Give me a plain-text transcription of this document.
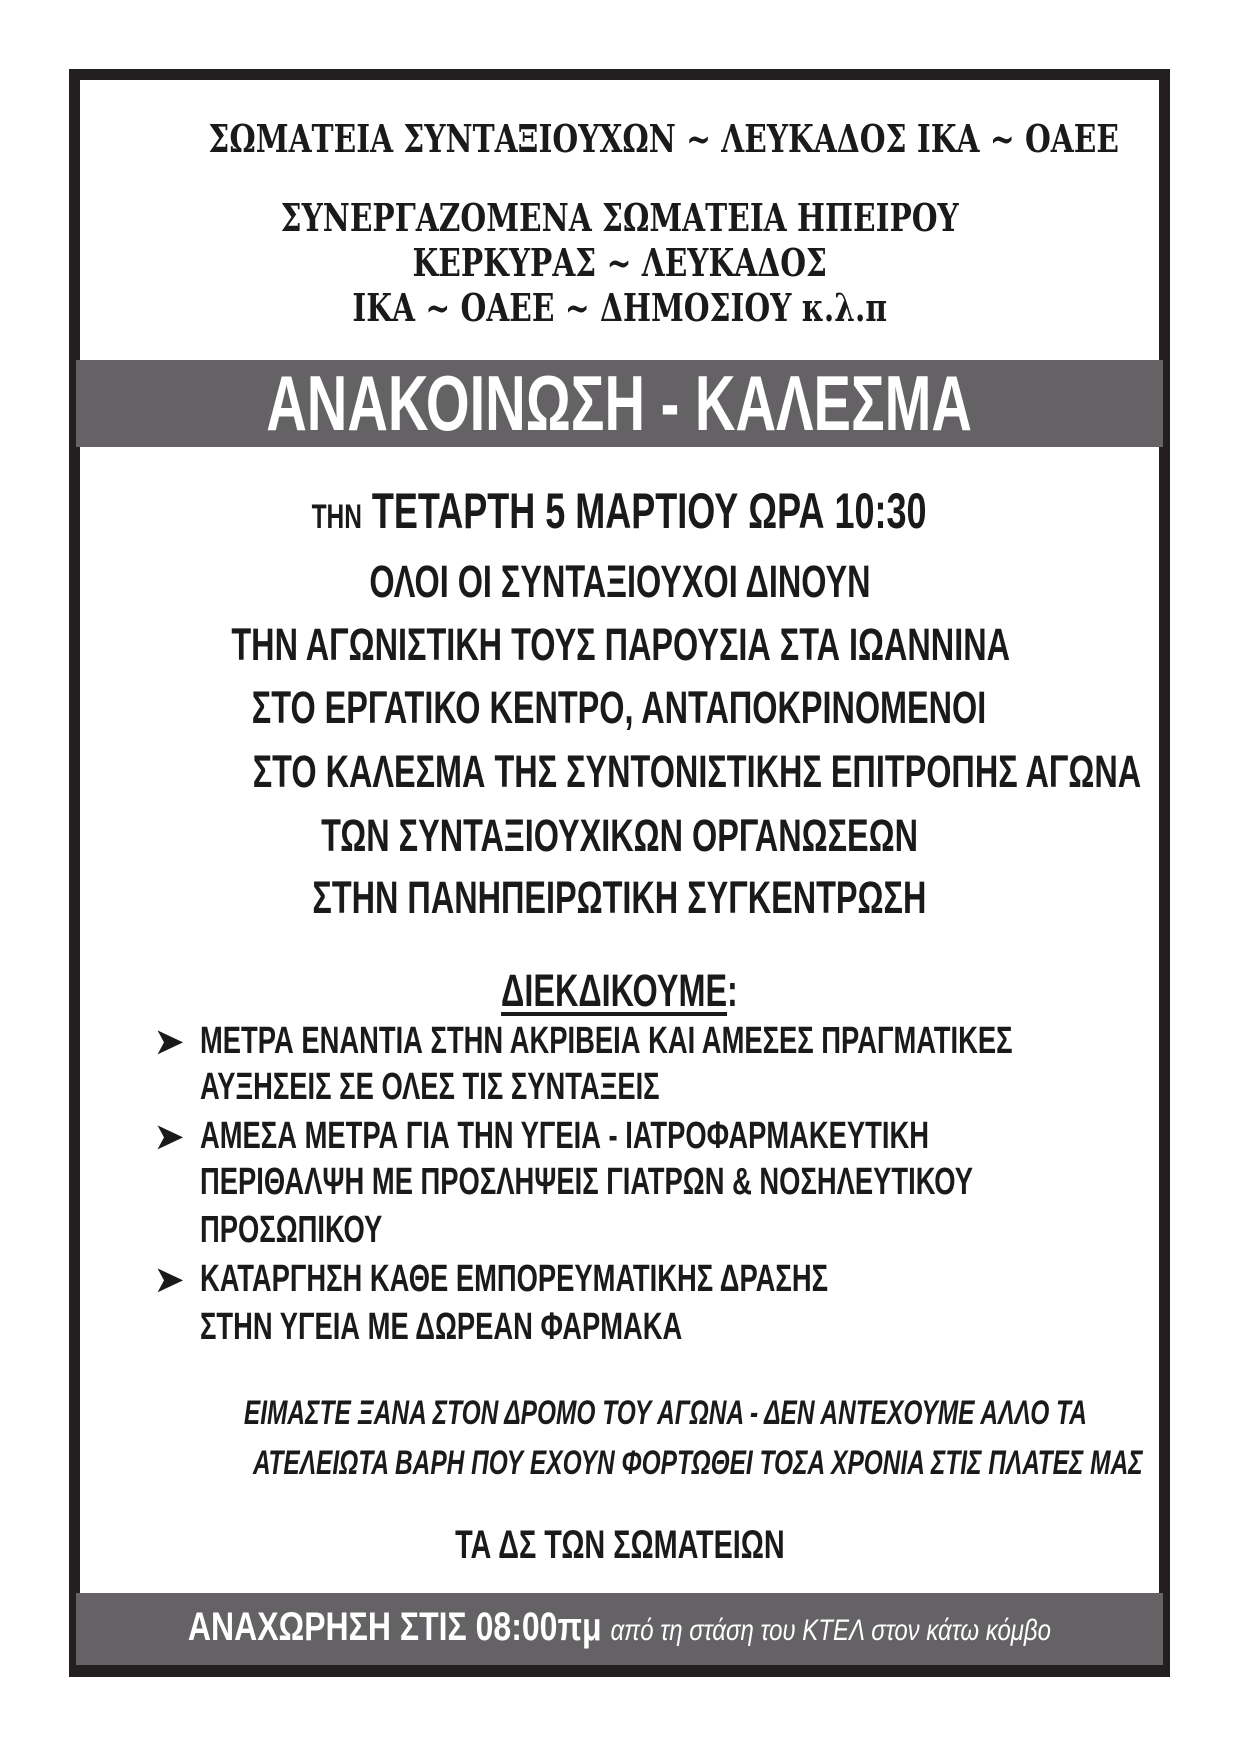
ΣΩΜΑΤΕΙΑ ΣΥΝΤΑΞΙΟΥΧΩΝ ~ ΛΕΥΚΑΔΟΣ ΙΚΑ ~ ΟΑΕΕ
ΣΥΝΕΡΓΑΖΟΜΕΝΑ ΣΩΜΑΤΕΙΑ ΗΠΕΙΡΟΥ
ΚΕΡΚΥΡΑΣ ~ ΛΕΥΚΑΔΟΣ
ΙΚΑ ~ ΟΑΕΕ ~ ΔΗΜΟΣΙΟΥ κ.λ.π
ΑΝΑΚΟΙΝΩΣΗ - ΚΑΛΕΣΜΑ
ΤΗΝ ΤΕΤΑΡΤΗ 5 ΜΑΡΤΙΟΥ ΩΡΑ 10:30
ΟΛΟΙ ΟΙ ΣΥΝΤΑΞΙΟΥΧΟΙ ΔΙΝΟΥΝ
ΤΗΝ ΑΓΩΝΙΣΤΙΚΗ ΤΟΥΣ ΠΑΡΟΥΣΙΑ ΣΤΑ ΙΩΑΝΝΙΝΑ
ΣΤΟ ΕΡΓΑΤΙΚΟ ΚΕΝΤΡΟ, ΑΝΤΑΠΟΚΡΙΝΟΜΕΝΟΙ
ΣΤΟ ΚΑΛΕΣΜΑ ΤΗΣ ΣΥΝΤΟΝΙΣΤΙΚΗΣ ΕΠΙΤΡΟΠΗΣ ΑΓΩΝΑ
ΤΩΝ ΣΥΝΤΑΞΙΟΥΧΙΚΩΝ ΟΡΓΑΝΩΣΕΩΝ
ΣΤΗΝ ΠΑΝΗΠΕΙΡΩΤΙΚΗ ΣΥΓΚΕΝΤΡΩΣΗ
ΔΙΕΚΔΙΚΟΥΜΕ:
➤ ΜΕΤΡΑ ΕΝΑΝΤΙΑ ΣΤΗΝ ΑΚΡΙΒΕΙΑ ΚΑΙ ΑΜΕΣΕΣ ΠΡΑΓΜΑΤΙΚΕΣ
ΑΥΞΗΣΕΙΣ ΣΕ ΟΛΕΣ ΤΙΣ ΣΥΝΤΑΞΕΙΣ
➤ ΑΜΕΣΑ ΜΕΤΡΑ ΓΙΑ ΤΗΝ ΥΓΕΙΑ - ΙΑΤΡΟΦΑΡΜΑΚΕΥΤΙΚΗ
ΠΕΡΙΘΑΛΨΗ ΜΕ ΠΡΟΣΛΗΨΕΙΣ ΓΙΑΤΡΩΝ & ΝΟΣΗΛΕΥΤΙΚΟΥ
ΠΡΟΣΩΠΙΚΟΥ
➤ ΚΑΤΑΡΓΗΣΗ ΚΑΘΕ ΕΜΠΟΡΕΥΜΑΤΙΚΗΣ ΔΡΑΣΗΣ
ΣΤΗΝ ΥΓΕΙΑ ΜΕ ΔΩΡΕΑΝ ΦΑΡΜΑΚΑ
ΕΙΜΑΣΤΕ ΞΑΝΑ ΣΤΟΝ ΔΡΟΜΟ ΤΟΥ ΑΓΩΝΑ - ΔΕΝ ΑΝΤΕΧΟΥΜΕ ΑΛΛΟ ΤΑ
ΑΤΕΛΕΙΩΤΑ ΒΑΡΗ ΠΟΥ ΕΧΟΥΝ ΦΟΡΤΩΘΕΙ ΤΟΣΑ ΧΡΟΝΙΑ ΣΤΙΣ ΠΛΑΤΕΣ ΜΑΣ
ΤΑ ΔΣ ΤΩΝ ΣΩΜΑΤΕΙΩΝ
ΑΝΑΧΩΡΗΣΗ ΣΤΙΣ 08:00πμ από τη στάση του ΚΤΕΛ στον κάτω κόμβο
